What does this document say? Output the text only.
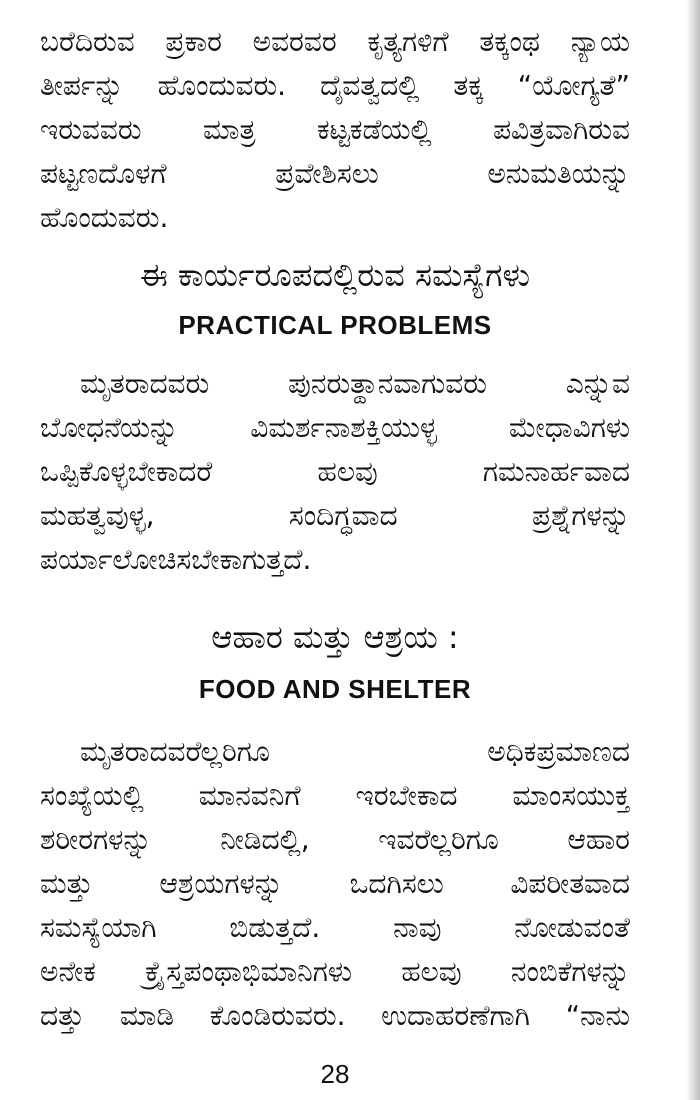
ಬರೆದಿರುವ ಪ್ರಕಾರ ಅವರವರ ಕೃತ್ಯಗಳಿಗೆ ತಕ್ಕಂಥ ನ್ಯಾಯ
ತೀರ್ಪನ್ನು ಹೊಂದುವರು. ದೈವತ್ವದಲ್ಲಿ ತಕ್ಕ “ಯೋಗ್ಯತೆ”
ಇರುವವರು ಮಾತ್ರ ಕಟ್ಟಕಡೆಯಲ್ಲಿ ಪವಿತ್ರವಾಗಿರುವ
ಪಟ್ಟಣದೊಳಗೆ ಪ್ರವೇಶಿಸಲು ಅನುಮತಿಯನ್ನು
ಹೊಂದುವರು.
ಈ ಕಾರ್ಯರೂಪದಲ್ಲಿರುವ ಸಮಸ್ಯೆಗಳು
PRACTICAL PROBLEMS
ಮೃತರಾದವರು ಪುನರುತ್ಥಾನವಾಗುವರು ಎನ್ನುವ
ಬೋಧನೆಯನ್ನು ವಿಮರ್ಶನಾಶಕ್ತಿಯುಳ್ಳ ಮೇಧಾವಿಗಳು
ಒಪ್ಪಿಕೊಳ್ಳಬೇಕಾದರೆ ಹಲವು ಗಮನಾರ್ಹವಾದ
ಮಹತ್ವವುಳ್ಳ, ಸಂದಿಗ್ಧವಾದ ಪ್ರಶ್ನೆಗಳನ್ನು
ಪರ್ಯಾಲೋಚಿಸಬೇಕಾಗುತ್ತದೆ.
ಆಹಾರ ಮತ್ತು ಆಶ್ರಯ :
FOOD AND SHELTER
ಮೃತರಾದವರೆಲ್ಲರಿಗೂ ಅಧಿಕಪ್ರಮಾಣದ
ಸಂಖ್ಯೆಯಲ್ಲಿ ಮಾನವನಿಗೆ ಇರಬೇಕಾದ ಮಾಂಸಯುಕ್ತ
ಶರೀರಗಳನ್ನು ನೀಡಿದಲ್ಲಿ, ಇವರೆಲ್ಲರಿಗೂ ಆಹಾರ
ಮತ್ತು ಆಶ್ರಯಗಳನ್ನು ಒದಗಿಸಲು ವಿಪರೀತವಾದ
ಸಮಸ್ಯೆಯಾಗಿ ಬಿಡುತ್ತದೆ. ನಾವು ನೋಡುವಂತೆ
ಅನೇಕ ಕ್ರೈಸ್ತಪಂಥಾಭಿಮಾನಿಗಳು ಹಲವು ನಂಬಿಕೆಗಳನ್ನು
ದತ್ತು ಮಾಡಿ ಕೊಂಡಿರುವರು. ಉದಾಹರಣೆಗಾಗಿ “ನಾನು
28
